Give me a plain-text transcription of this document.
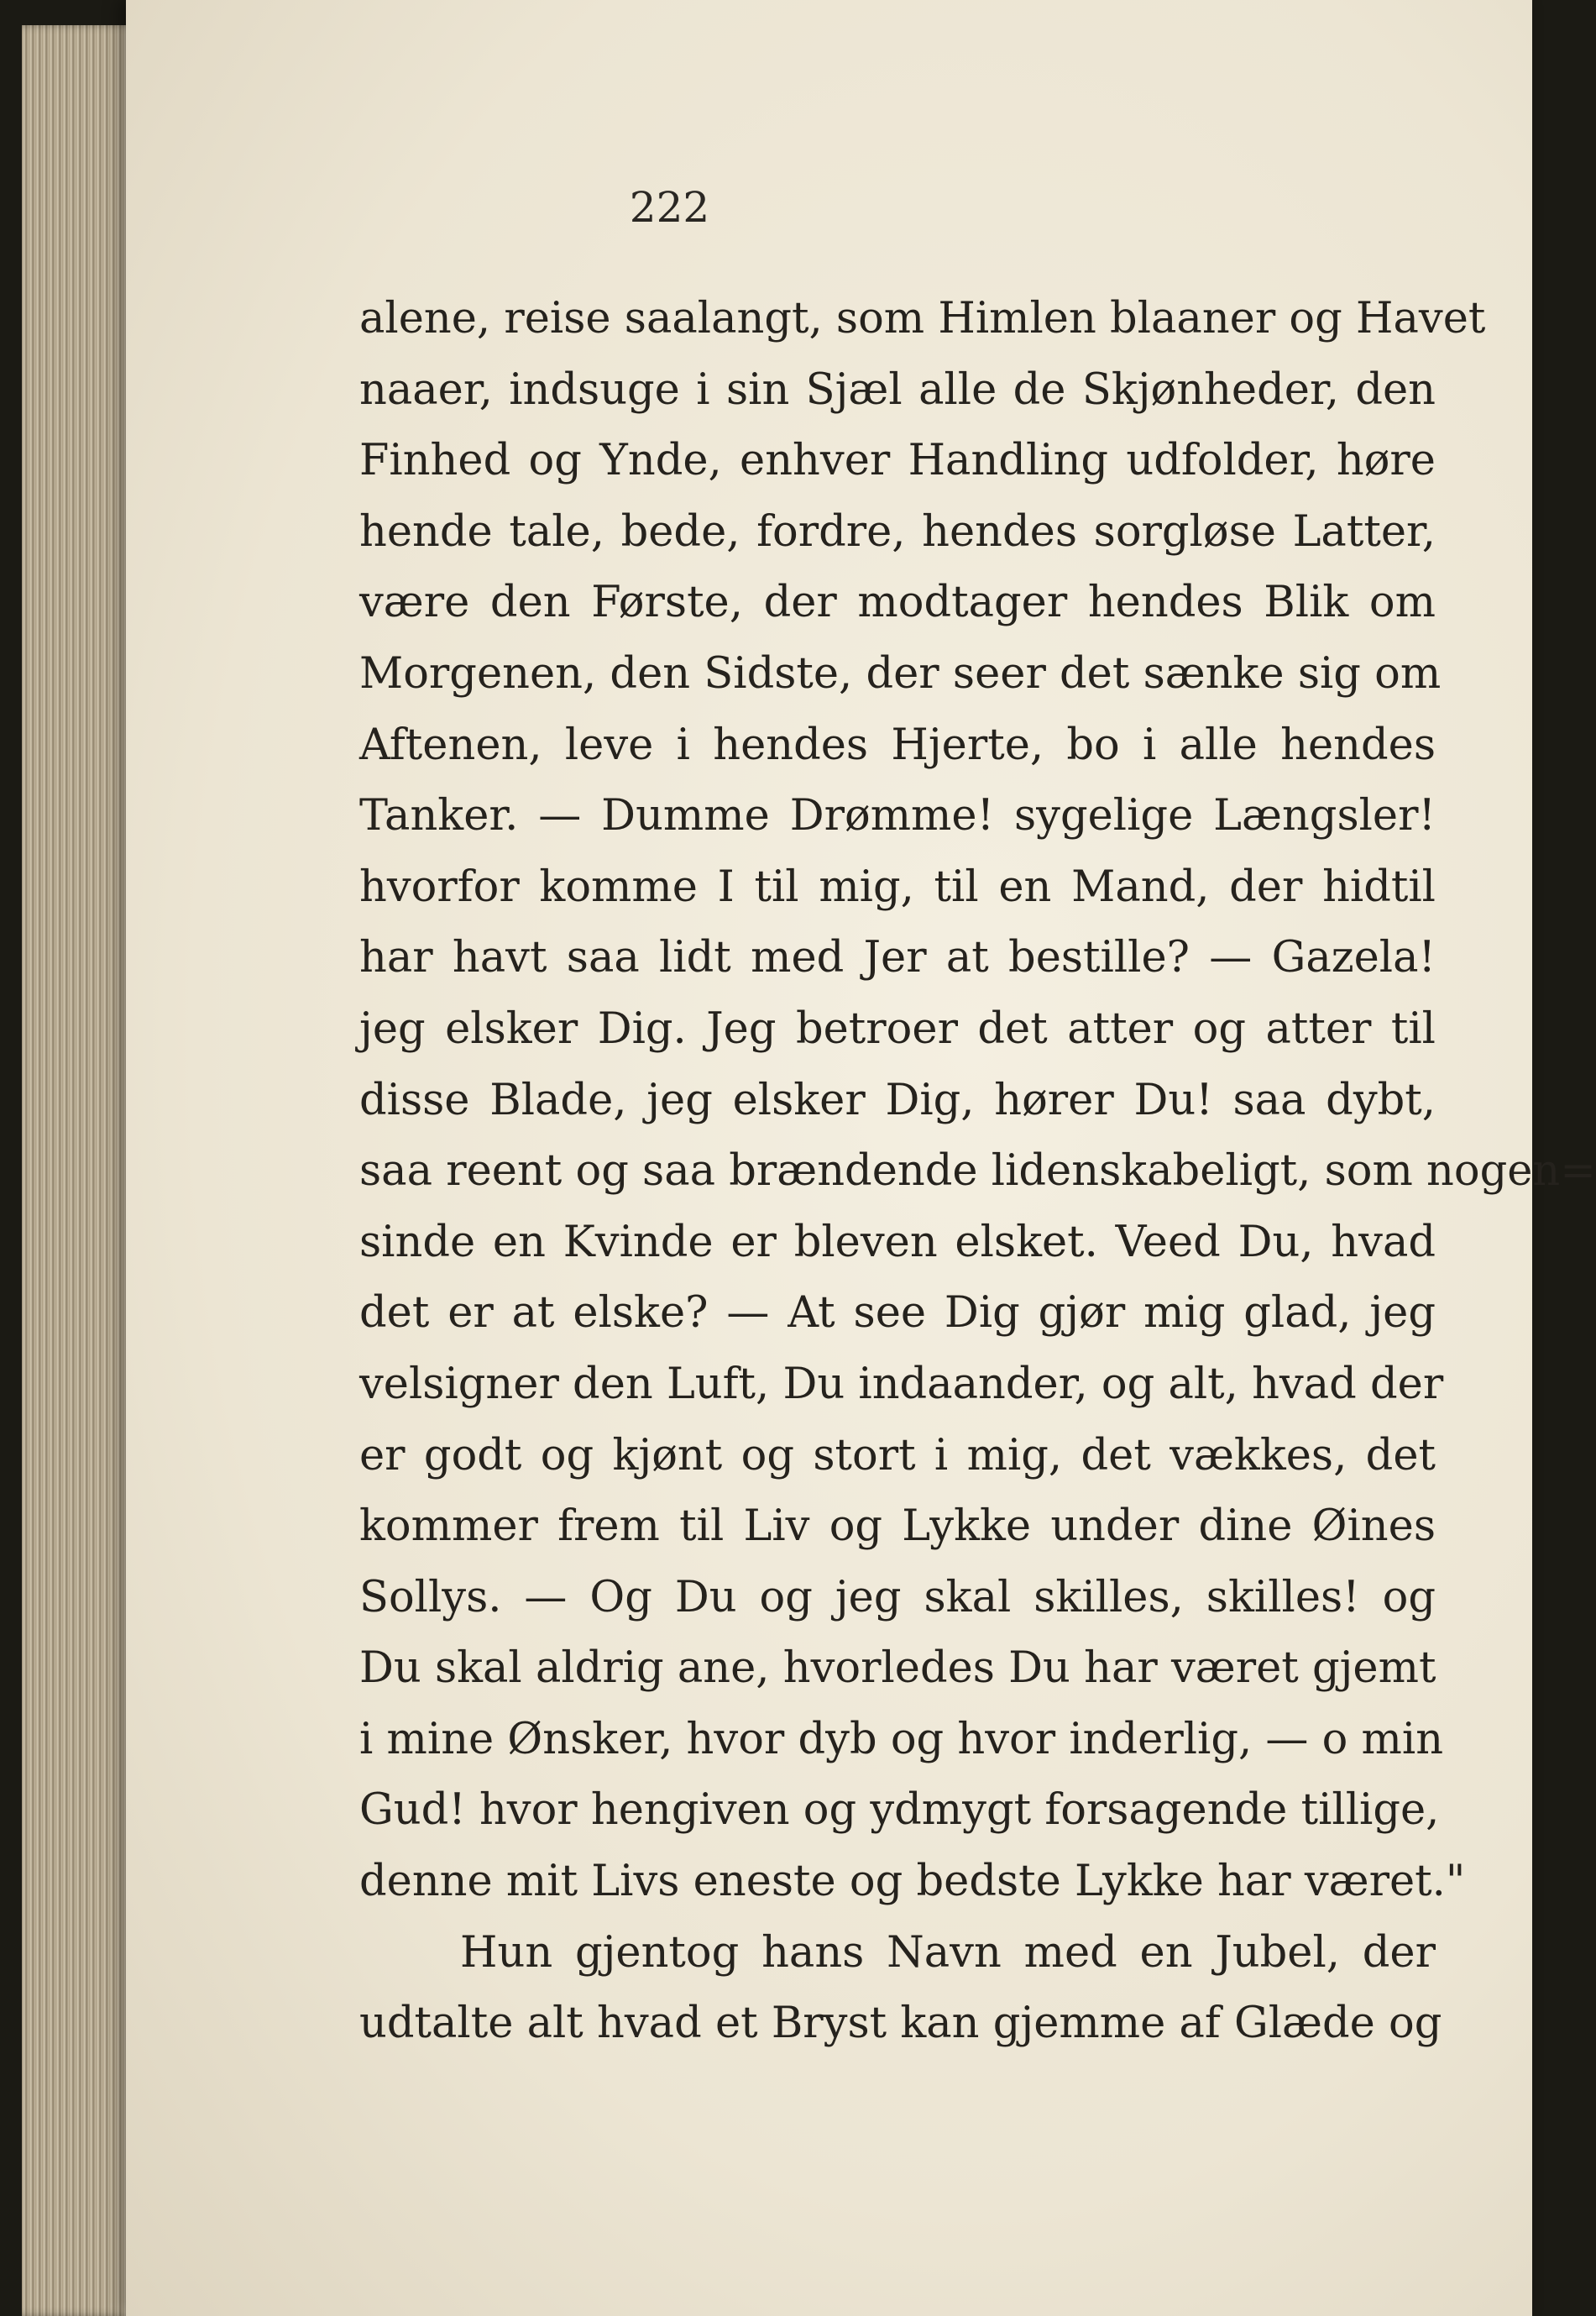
222
alene, reise saalangt, som Himlen blaaner og Havet
naaer, indsuge i sin Sjæl alle de Skjønheder, den
Finhed og Ynde, enhver Handling udfolder, høre
hende tale, bede, fordre, hendes sorgløse Latter,
være den Første, der modtager hendes Blik om
Morgenen, den Sidste, der seer det sænke sig om
Aftenen, leve i hendes Hjerte, bo i alle hendes
Tanker. — Dumme Drømme! sygelige Længsler!
hvorfor komme I til mig, til en Mand, der hidtil
har havt saa lidt med Jer at bestille? — Gazela!
jeg elsker Dig. Jeg betroer det atter og atter til
disse Blade, jeg elsker Dig, hører Du! saa dybt,
saa reent og saa brændende lidenskabeligt, som nogen=
sinde en Kvinde er bleven elsket. Veed Du, hvad
det er at elske? — At see Dig gjør mig glad, jeg
velsigner den Luft, Du indaander, og alt, hvad der
er godt og kjønt og stort i mig, det vækkes, det
kommer frem til Liv og Lykke under dine Øines
Sollys. — Og Du og jeg skal skilles, skilles! og
Du skal aldrig ane, hvorledes Du har været gjemt
i mine Ønsker, hvor dyb og hvor inderlig, — o min
Gud! hvor hengiven og ydmygt forsagende tillige,
denne mit Livs eneste og bedste Lykke har været."
Hun gjentog hans Navn med en Jubel, der
udtalte alt hvad et Bryst kan gjemme af Glæde og
